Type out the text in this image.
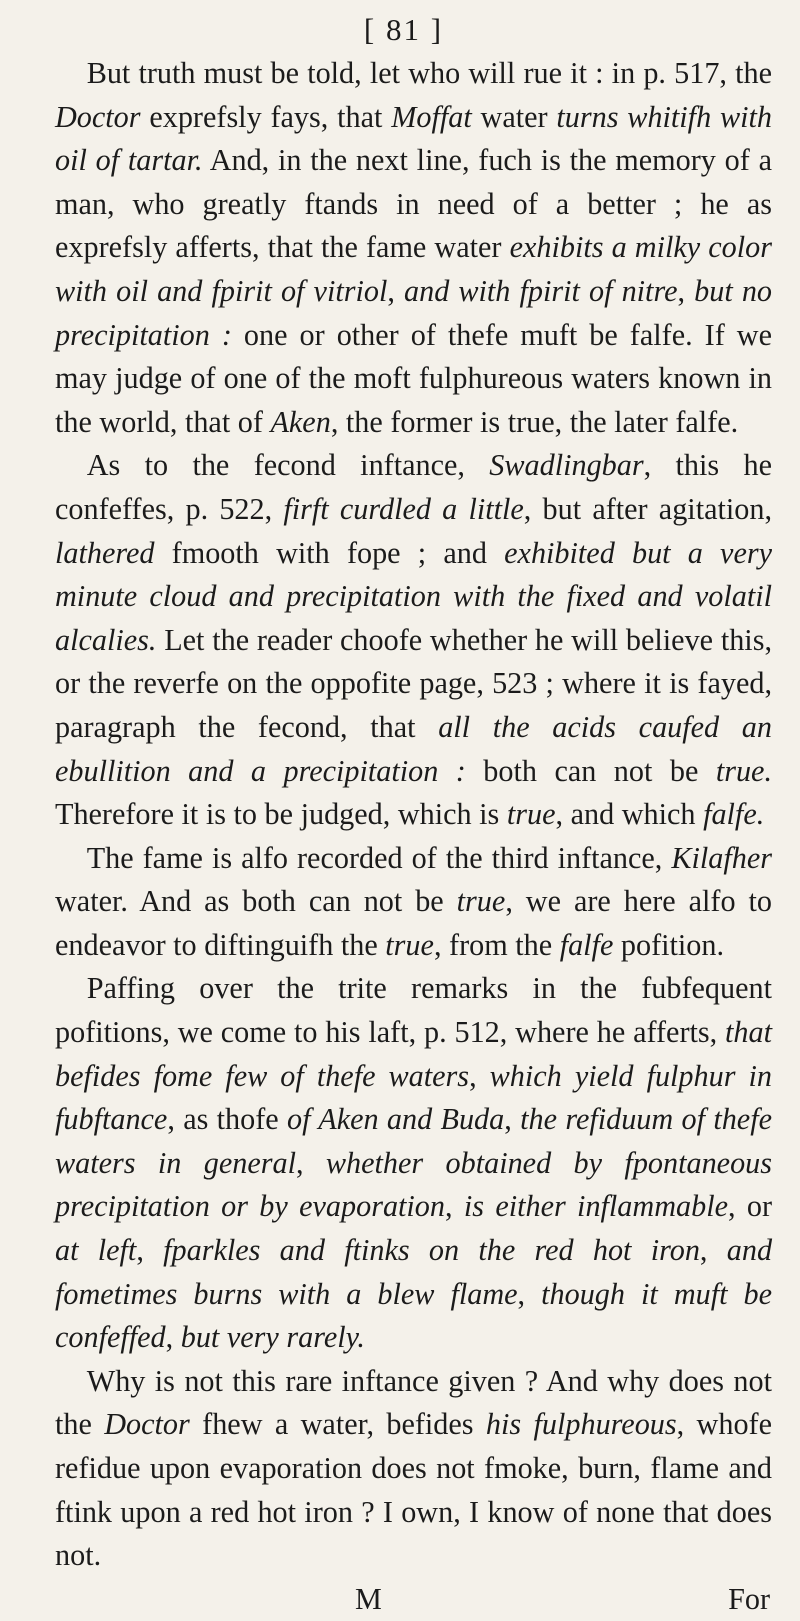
[ 81 ]

But truth must be told, let who will rue it : in p. 517, the Doctor exprefsly fays, that Moffat water turns whitifh with oil of tartar. And, in the next line, fuch is the memory of a man, who greatly ftands in need of a better ; he as exprefsly afferts, that the fame water exhibits a milky color with oil and fpirit of vitriol, and with fpirit of nitre, but no precipitation : one or other of thefe muft be falfe. If we may judge of one of the moft fulphureous waters known in the world, that of Aken, the former is true, the later falfe.

As to the fecond inftance, Swadlingbar, this he confeffes, p. 522, firft curdled a little, but after agitation, lathered fmooth with fope ; and exhibited but a very minute cloud and precipitation with the fixed and volatil alcalies. Let the reader choofe whether he will believe this, or the reverfe on the oppofite page, 523 ; where it is fayed, paragraph the fecond, that all the acids caufed an ebullition and a precipitation : both can not be true. Therefore it is to be judged, which is true, and which falfe.

The fame is alfo recorded of the third inftance, Kilafher water. And as both can not be true, we are here alfo to endeavor to diftinguifh the true, from the falfe pofition.

Paffing over the trite remarks in the fubfequent pofitions, we come to his laft, p. 512, where he afferts, that befides fome few of thefe waters, which yield fulphur in fubftance, as thofe of Aken and Buda, the refiduum of thefe waters in general, whether obtained by fpontaneous precipitation or by evaporation, is either inflammable, or at left, fparkles and ftinks on the red hot iron, and fometimes burns with a blew flame, though it muft be confeffed, but very rarely.

Why is not this rare inftance given ? And why does not the Doctor fhew a water, befides his fulphureous, whofe refidue upon evaporation does not fmoke, burn, flame and ftink upon a red hot iron ? I own, I know of none that does not.

M	For
